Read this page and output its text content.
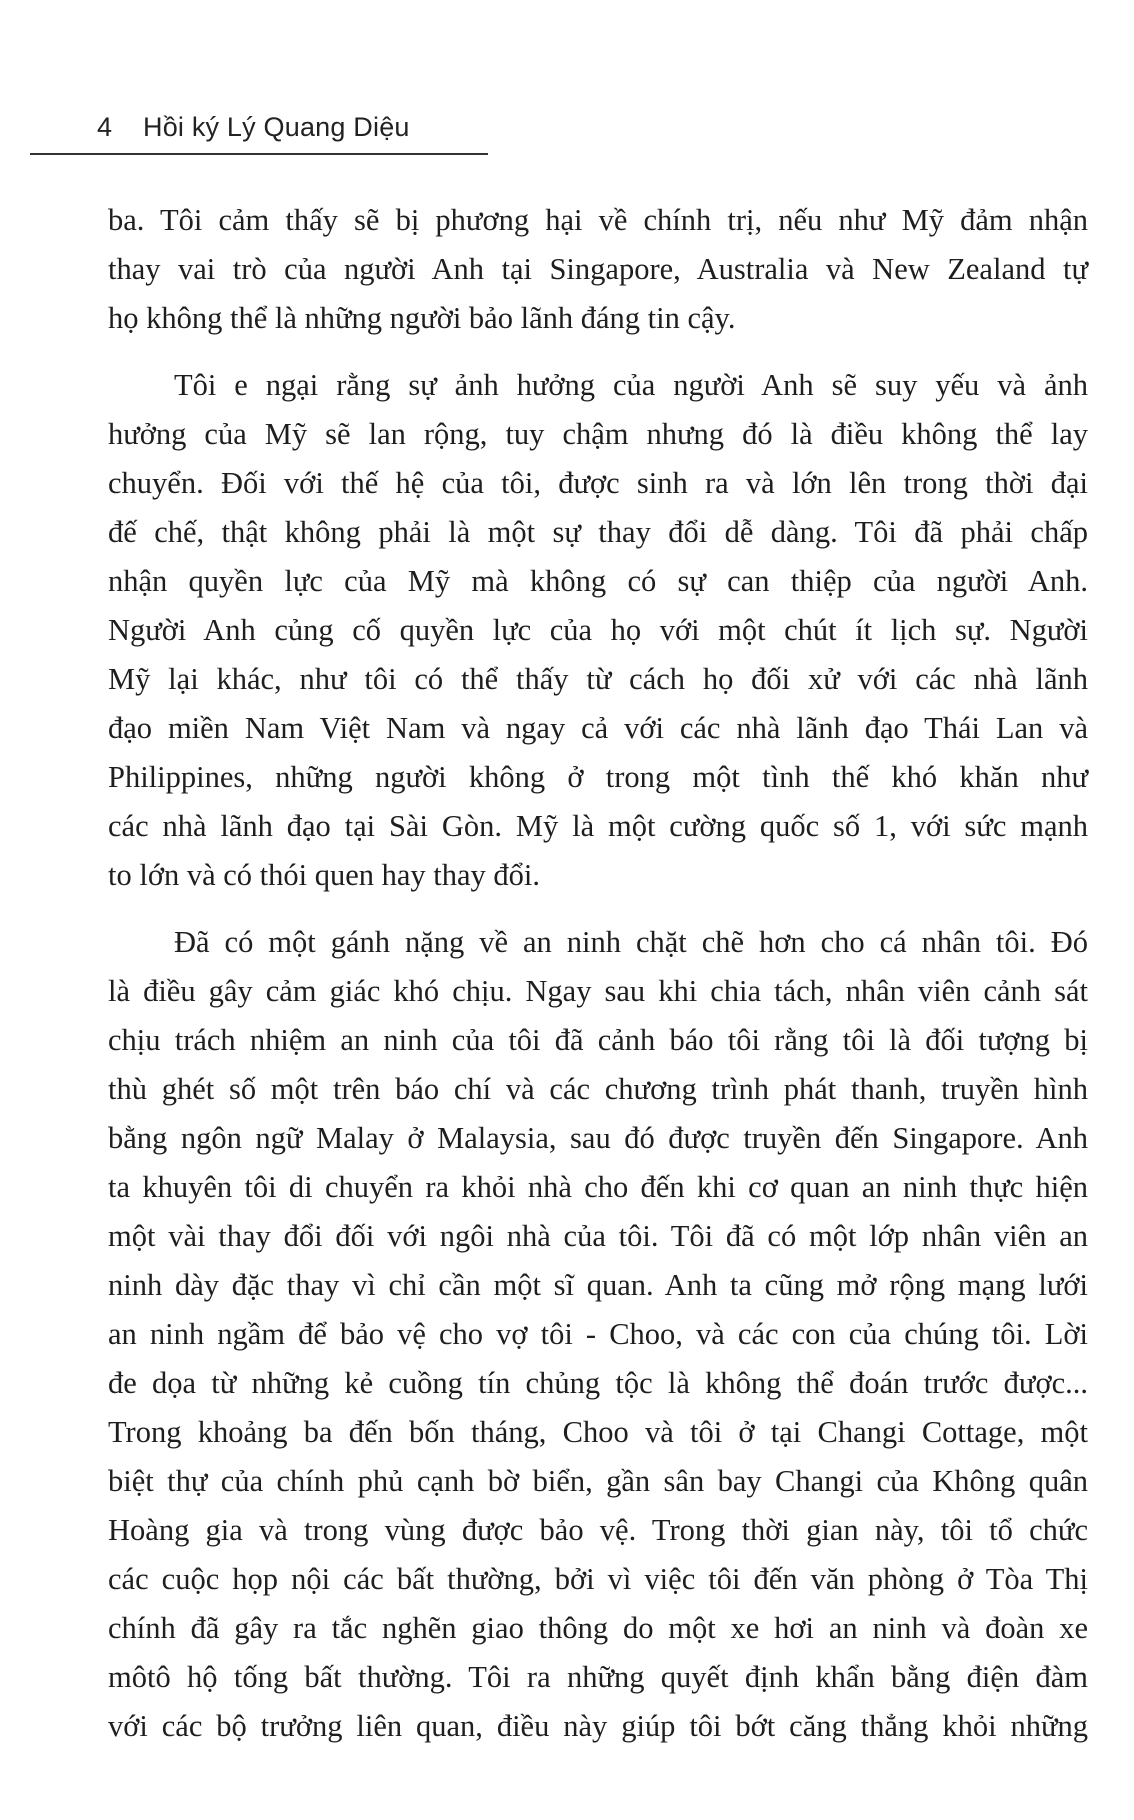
4 Hồi ký Lý Quang Diệu

ba. Tôi cảm thấy sẽ bị phương hại về chính trị, nếu như Mỹ đảm nhận
thay vai trò của người Anh tại Singapore, Australia và New Zealand tự
họ không thể là những người bảo lãnh đáng tin cậy.

Tôi e ngại rằng sự ảnh hưởng của người Anh sẽ suy yếu và ảnh
hưởng của Mỹ sẽ lan rộng, tuy chậm nhưng đó là điều không thể lay
chuyển. Đối với thế hệ của tôi, được sinh ra và lớn lên trong thời đại
đế chế, thật không phải là một sự thay đổi dễ dàng. Tôi đã phải chấp
nhận quyền lực của Mỹ mà không có sự can thiệp của người Anh.
Người Anh củng cố quyền lực của họ với một chút ít lịch sự. Người
Mỹ lại khác, như tôi có thể thấy từ cách họ đối xử với các nhà lãnh
đạo miền Nam Việt Nam và ngay cả với các nhà lãnh đạo Thái Lan và
Philippines, những người không ở trong một tình thế khó khăn như
các nhà lãnh đạo tại Sài Gòn. Mỹ là một cường quốc số 1, với sức mạnh
to lớn và có thói quen hay thay đổi.

Đã có một gánh nặng về an ninh chặt chẽ hơn cho cá nhân tôi. Đó
là điều gây cảm giác khó chịu. Ngay sau khi chia tách, nhân viên cảnh sát
chịu trách nhiệm an ninh của tôi đã cảnh báo tôi rằng tôi là đối tượng bị
thù ghét số một trên báo chí và các chương trình phát thanh, truyền hình
bằng ngôn ngữ Malay ở Malaysia, sau đó được truyền đến Singapore. Anh
ta khuyên tôi di chuyển ra khỏi nhà cho đến khi cơ quan an ninh thực hiện
một vài thay đổi đối với ngôi nhà của tôi. Tôi đã có một lớp nhân viên an
ninh dày đặc thay vì chỉ cần một sĩ quan. Anh ta cũng mở rộng mạng lưới
an ninh ngầm để bảo vệ cho vợ tôi - Choo, và các con của chúng tôi. Lời
đe dọa từ những kẻ cuồng tín chủng tộc là không thể đoán trước được...
Trong khoảng ba đến bốn tháng, Choo và tôi ở tại Changi Cottage, một
biệt thự của chính phủ cạnh bờ biển, gần sân bay Changi của Không quân
Hoàng gia và trong vùng được bảo vệ. Trong thời gian này, tôi tổ chức
các cuộc họp nội các bất thường, bởi vì việc tôi đến văn phòng ở Tòa Thị
chính đã gây ra tắc nghẽn giao thông do một xe hơi an ninh và đoàn xe
môtô hộ tống bất thường. Tôi ra những quyết định khẩn bằng điện đàm
với các bộ trưởng liên quan, điều này giúp tôi bớt căng thẳng khỏi những
